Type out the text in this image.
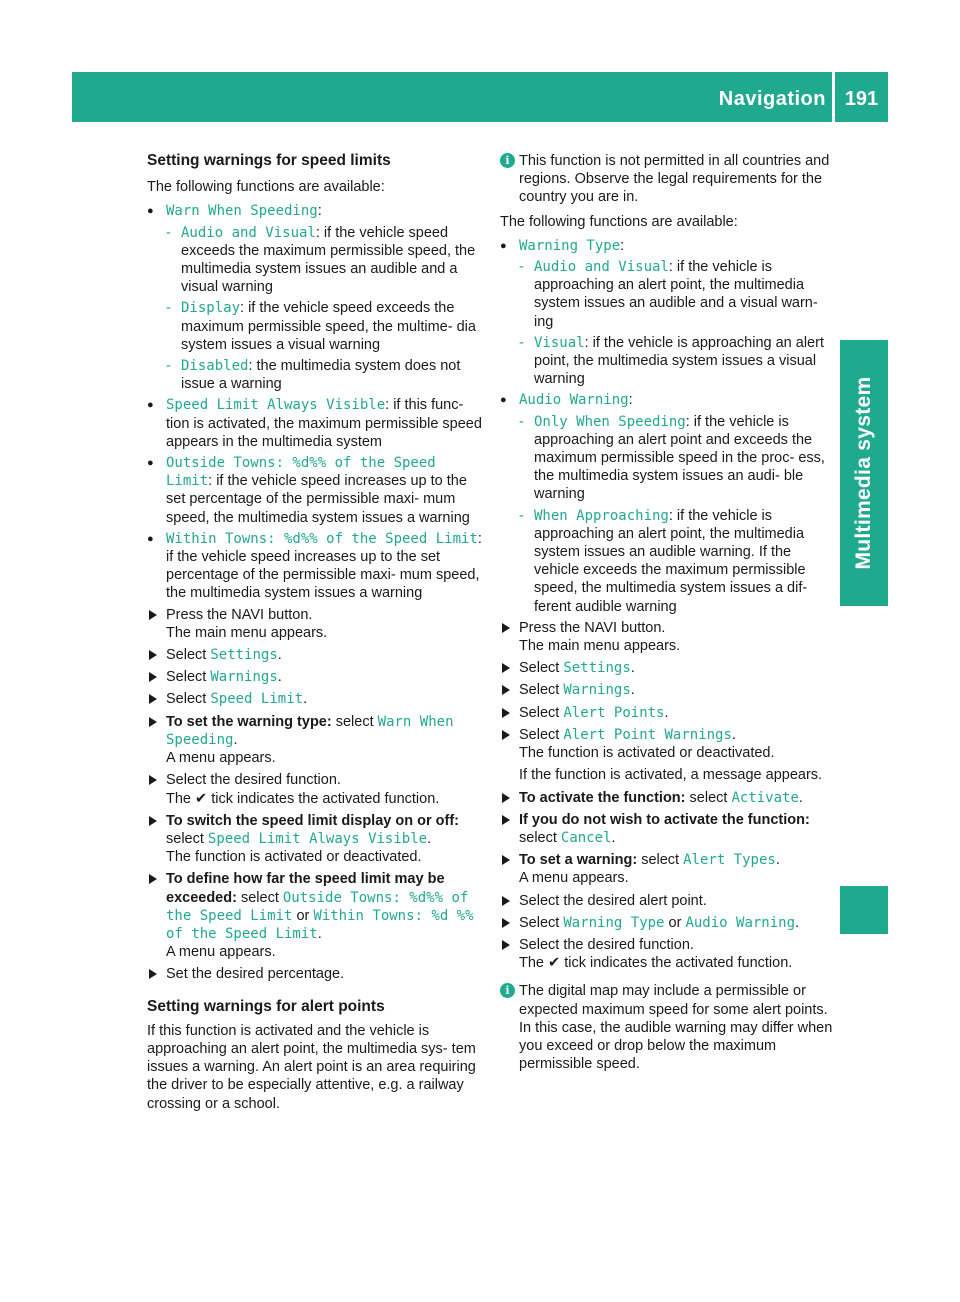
Navigation 191
Multimedia system

Setting warnings for speed limits

The following functions are available:

● Warn When Speeding:
- Audio and Visual: if the vehicle speed exceeds the maximum permissible speed, the multimedia system issues an audible and a visual warning
- Display: if the vehicle speed exceeds the maximum permissible speed, the multime- dia system issues a visual warning
- Disabled: the multimedia system does not issue a warning
● Speed Limit Always Visible: if this func- tion is activated, the maximum permissible speed appears in the multimedia system
● Outside Towns: %d%% of the Speed Limit: if the vehicle speed increases up to the set percentage of the permissible maxi- mum speed, the multimedia system issues a warning
● Within Towns: %d%% of the Speed Limit: if the vehicle speed increases up to the set percentage of the permissible maxi- mum speed, the multimedia system issues a warning
Press the NAVI button.
The main menu appears.
Select Settings.
Select Warnings.
Select Speed Limit.
To set the warning type: select Warn When Speeding.
A menu appears.
Select the desired function.
The ✔ tick indicates the activated function.
To switch the speed limit display on or off:
select Speed Limit Always Visible.
The function is activated or deactivated.
To define how far the speed limit may be exceeded: select Outside Towns: %d%% of the Speed Limit or Within Towns: %d %% of the Speed Limit.
A menu appears.
Set the desired percentage.

Setting warnings for alert points

If this function is activated and the vehicle is approaching an alert point, the multimedia sys- tem issues a warning. An alert point is an area requiring the driver to be especially attentive, e.g. a railway crossing or a school.

i This function is not permitted in all countries and regions. Observe the legal requirements for the country you are in.

The following functions are available:

● Warning Type:
- Audio and Visual: if the vehicle is approaching an alert point, the multimedia system issues an audible and a visual warn- ing
- Visual: if the vehicle is approaching an alert point, the multimedia system issues a visual warning
● Audio Warning:
- Only When Speeding: if the vehicle is approaching an alert point and exceeds the maximum permissible speed in the proc- ess, the multimedia system issues an audi- ble warning
- When Approaching: if the vehicle is approaching an alert point, the multimedia system issues an audible warning. If the vehicle exceeds the maximum permissible speed, the multimedia system issues a dif- ferent audible warning
Press the NAVI button.
The main menu appears.
Select Settings.
Select Warnings.
Select Alert Points.
Select Alert Point Warnings.
The function is activated or deactivated.
If the function is activated, a message appears.
To activate the function: select Activate.
If you do not wish to activate the function:
select Cancel.
To set a warning: select Alert Types.
A menu appears.
Select the desired alert point.
Select Warning Type or Audio Warning.
Select the desired function.
The ✔ tick indicates the activated function.
i The digital map may include a permissible or expected maximum speed for some alert points. In this case, the audible warning may differ when you exceed or drop below the maximum permissible speed.
